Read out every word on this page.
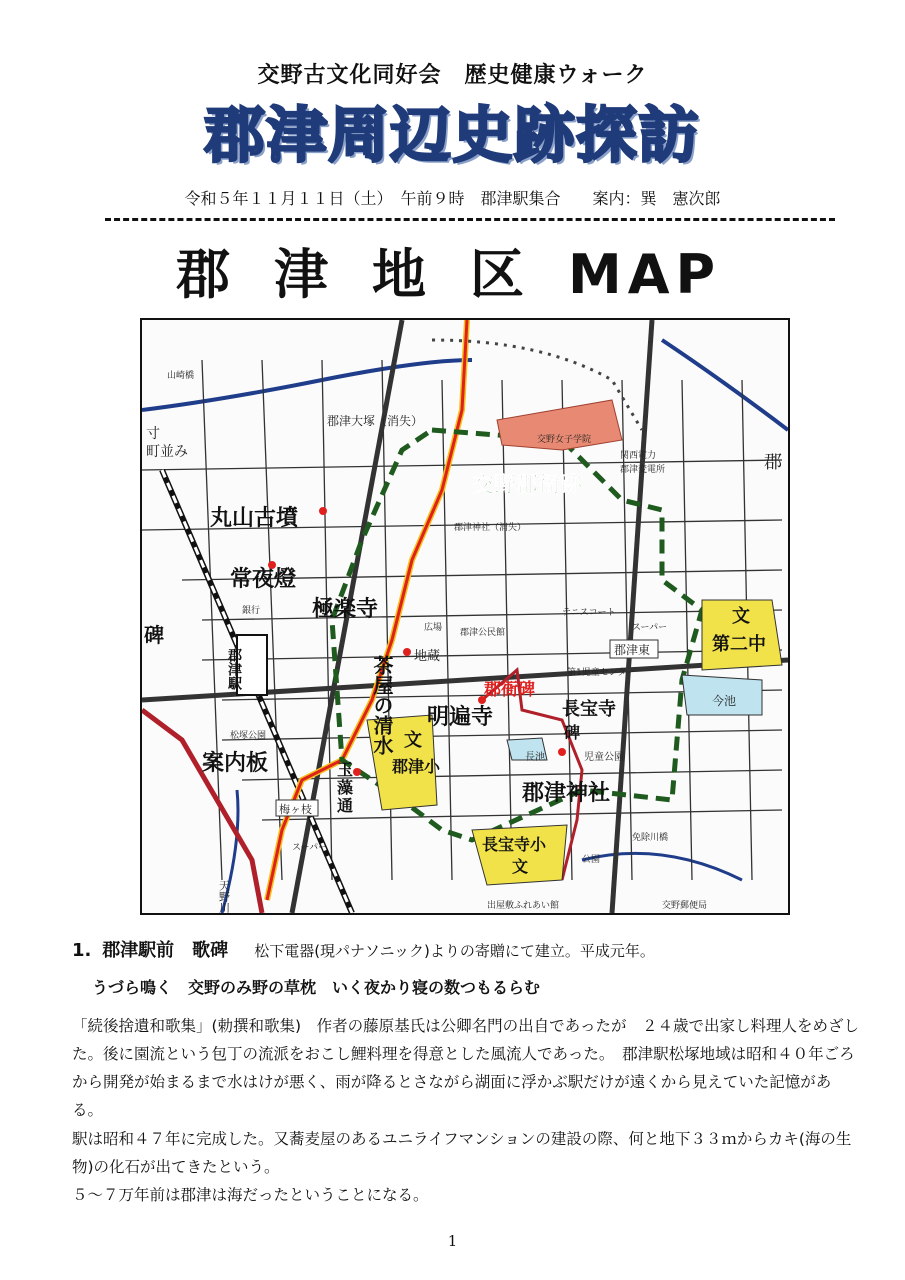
交野古文化同好会　歴史健康ウォーク
郡津周辺史跡探訪
令和５年１１月１１日（土）　午前９時　郡津駅集合　　案内：巽　憲次郎
郡津地区MAP
山崎橋
郡津大塚（消失）
寸
町並み
交野女子学院
関西電力
郡津変電所
交野郡衙跡
郡
丸山古墳	郡津神社（消失）
常夜燈
極楽寺
銀行
碑
テニスコート
スーパー
広場 郡津公民館
地蔵	郡津東
文
第二中
第1児童センター
今池
茶屋の清水	郡衙碑
明遍寺	長宝寺
碑
郡津駅
松塚公園
長池	児童公園
案内板	玉
藻
通
文
郡津小
郡津神社
梅ヶ枝
スーパー	長宝寺小
文
免除川橋
天野川
公園
出屋敷ふれあい館	交野郵便局
1. 郡津駅前　歌碑 松下電器(現パナソニック)よりの寄贈にて建立。平成元年。
うづら鳴く　交野のみ野の草枕　いく夜かり寝の数つもるらむ
「続後捨遺和歌集」(勅撰和歌集)　作者の藤原基氏は公卿名門の出自であったが　２４歳で出家し料理人をめざした。後に園流という包丁の流派をおこし鯉料理を得意とした風流人であった。　郡津駅松塚地域は昭和４０年ごろから開発が始まるまで水はけが悪く、雨が降るとさながら湖面に浮かぶ駅だけが遠くから見えていた記憶がある。
駅は昭和４７年に完成した。又蕎麦屋のあるユニライフマンションの建設の際、何と地下３３ｍからカキ(海の生物)の化石が出てきたという。
５〜７万年前は郡津は海だったということになる。
1
